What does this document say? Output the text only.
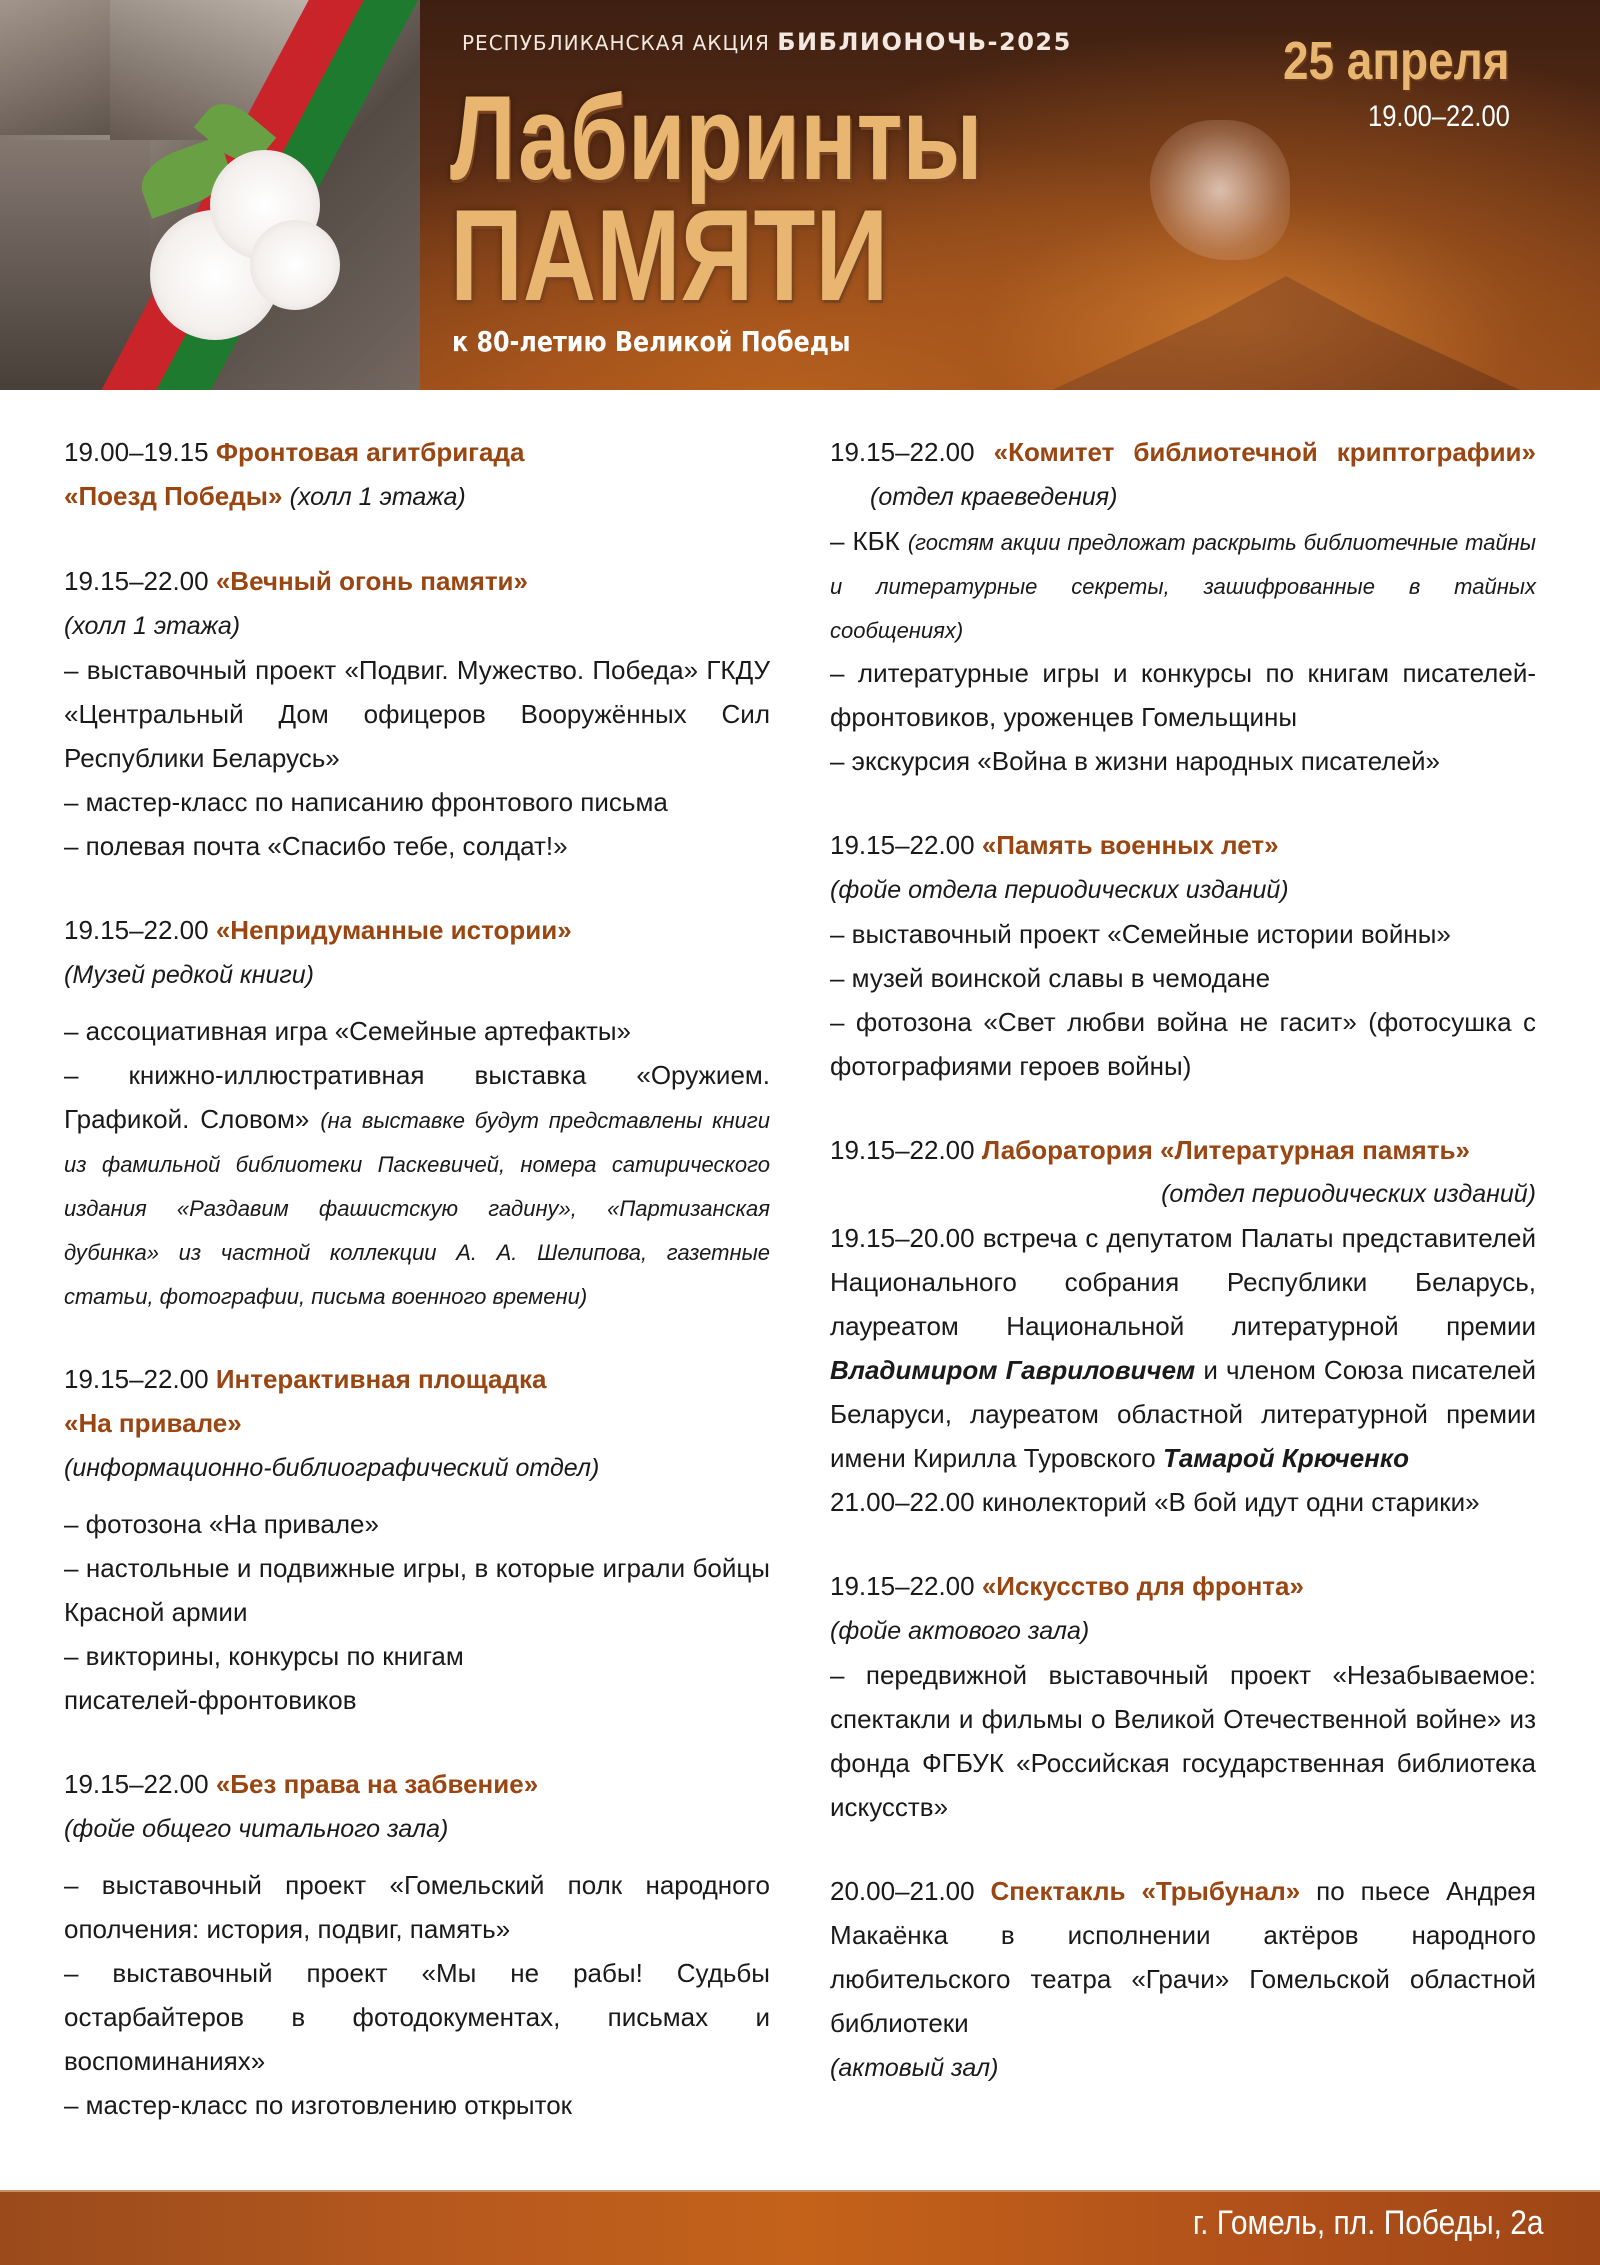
РЕСПУБЛИКАНСКАЯ АКЦИЯ БИБЛИОНОЧЬ-2025
Лабиринты
ПАМЯТИ
к 80-летию Великой Победы
25 апреля
19.00–22.00
19.00–19.15 Фронтовая агитбригада
«Поезд Победы» (холл 1 этажа)
19.15–22.00 «Вечный огонь памяти»
(холл 1 этажа)
– выставочный проект «Подвиг. Мужество. Победа» ГКДУ «Центральный Дом офицеров Вооружённых Сил Республики Беларусь»
– мастер-класс по написанию фронтового письма
– полевая почта «Спасибо тебе, солдат!»
19.15–22.00 «Непридуманные истории»
(Музей редкой книги)
– ассоциативная игра «Семейные артефакты»
– книжно-иллюстративная выставка «Оружием. Графикой. Словом» (на выставке будут представлены книги из фамильной библиотеки Паскевичей, номера сатирического издания «Раздавим фашистскую гадину», «Партизанская дубинка» из частной коллекции А. А. Шелипова, газетные статьи, фотографии, письма военного времени)
19.15–22.00 Интерактивная площадка
«На привале»
(информационно-библиографический отдел)
– фотозона «На привале»
– настольные и подвижные игры, в которые играли бойцы Красной армии
– викторины, конкурсы по книгам
писателей-фронтовиков
19.15–22.00 «Без права на забвение»
(фойе общего читального зала)
– выставочный проект «Гомельский полк народного ополчения: история, подвиг, память»
– выставочный проект «Мы не рабы! Судьбы остарбайтеров в фотодокументах, письмах и воспоминаниях»
– мастер-класс по изготовлению открыток
19.15–22.00 «Комитет библиотечной криптографии» (отдел краеведения)
– КБК (гостям акции предложат раскрыть библиотечные тайны и литературные секреты, зашифрованные в тайных сообщениях)
– литературные игры и конкурсы по книгам писателей-фронтовиков, уроженцев Гомельщины
– экскурсия «Война в жизни народных писателей»
19.15–22.00 «Память военных лет»
(фойе отдела периодических изданий)
– выставочный проект «Семейные истории войны»
– музей воинской славы в чемодане
– фотозона «Свет любви война не гасит» (фотосушка с фотографиями героев войны)
19.15–22.00 Лаборатория «Литературная память»
(отдел периодических изданий)
19.15–20.00 встреча с депутатом Палаты представителей Национального собрания Республики Беларусь, лауреатом Национальной литературной премии Владимиром Гавриловичем и членом Союза писателей Беларуси, лауреатом областной литературной премии имени Кирилла Туровского Тамарой Крюченко
21.00–22.00 кинолекторий «В бой идут одни старики»
19.15–22.00 «Искусство для фронта»
(фойе актового зала)
– передвижной выставочный проект «Незабываемое: спектакли и фильмы о Великой Отечественной войне» из фонда ФГБУК «Российская государственная библиотека искусств»
20.00–21.00 Спектакль «Трыбунал» по пьесе Андрея Макаёнка в исполнении актёров народного любительского театра «Грачи» Гомельской областной библиотеки
(актовый зал)
г. Гомель, пл. Победы, 2а
